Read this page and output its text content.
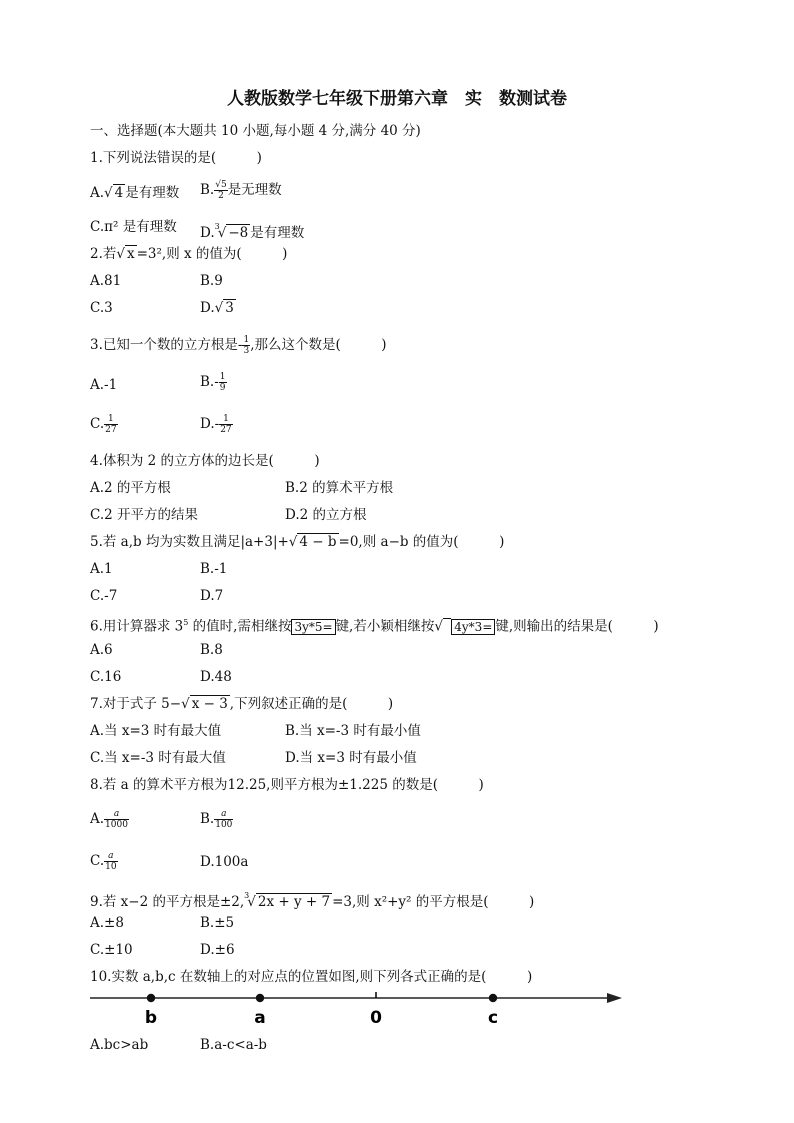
人教版数学七年级下册第六章　实　数测试卷
一、选择题(本大题共 10 小题,每小题 4 分,满分 40 分)
1.下列说法错误的是(　　　)
A.√ 4 是有理数 B. $\frac{√5}{2}$ 是无理数
C.π² 是有理数 D.$^3$√ −8 是有理数
2.若√ x =3²,则 x 的值为(　　　)
A.81	B.9
C.3	D.√ 3
3.已知一个数的立方根是- $\frac{1}{3}$ ,那么这个数是(　　　)
A.-1	$B.- \frac{1}{9}$
C. $\frac{1}{27}$	$D.- \frac{1}{27}$
4.体积为 2 的立方体的边长是(　　　)
A.2 的平方根	B.2 的算术平方根
C.2 开平方的结果	D.2 的立方根
5.若 a,b 均为实数且满足|a+3|+√ 4 − b =0,则 a−b 的值为(　　　)
A.1	B.-1
C.-7	D.7
6.用计算器求 $3^5$ 的值时,需相继按 3y*5= 键,若小颖相继按√ 4y*3= 键,则输出的结果是(　　　)
A.6	B.8
C.16	D.48
7.对于式子 5−√ x − 3 ,下列叙述正确的是(　　　)
A.当 x=3 时有最大值	B.当 x=-3 时有最小值
C.当 x=-3 时有最大值	D.当 x=3 时有最小值
8.若 a 的算术平方根为12.25,则平方根为±1.225 的数是(　　　)
A. $\frac{a}{1000}$	B. $\frac{a}{100}$
C. $\frac{a}{10}$	D.100a
9.若 x−2 的平方根是±2,$^3$√ 2x + y + 7 =3,则 x²+y² 的平方根是(　　　)
A.±8	B.±5
C.±10	D.±6
10.实数 a,b,c 在数轴上的对应点的位置如图,则下列各式正确的是(　　　)
b	a	0	c
A.bc>ab	B.a-c<a-b
